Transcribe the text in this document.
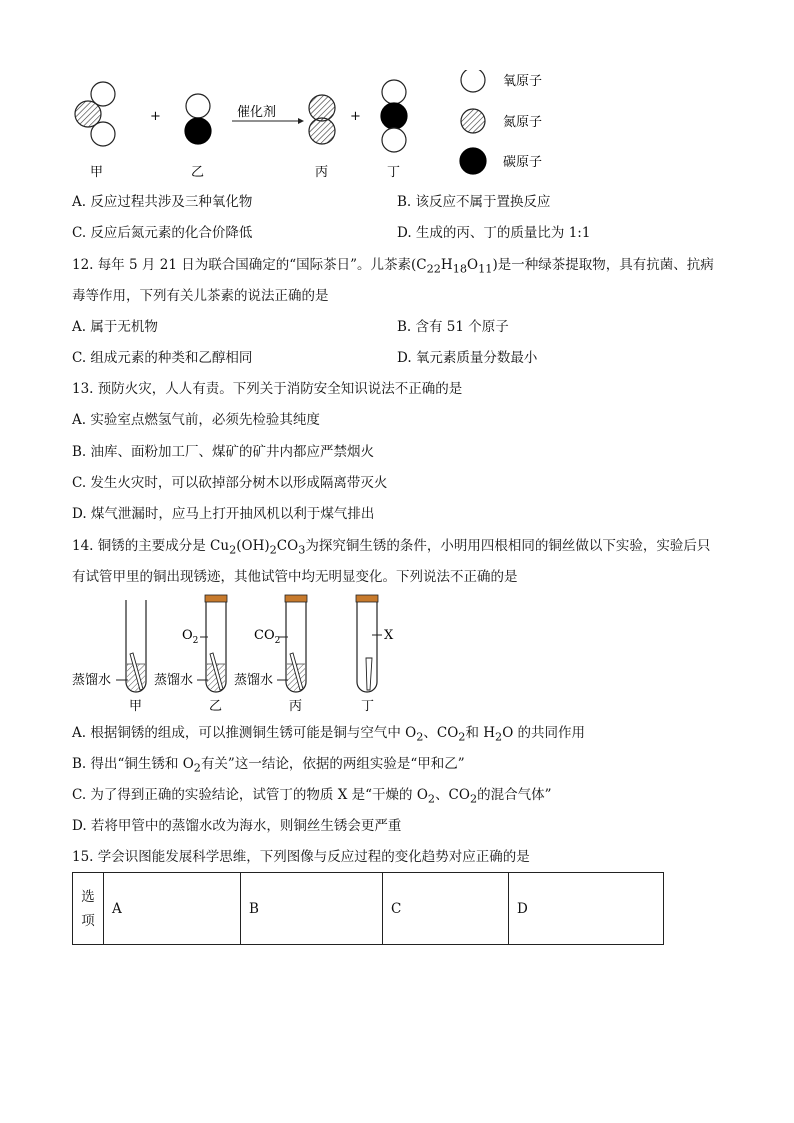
+	催化剂	+
甲	乙	丙	丁
氧原子
氮原子
碳原子
A. 反应过程共涉及三种氧化物	B. 该反应不属于置换反应
C. 反应后氮元素的化合价降低	D. 生成的丙、丁的质量比为 1:1
12. 每年 5 月 21 日为联合国确定的“国际茶日”。儿茶素$(C_{22}H_{18}O_{11})$是一种绿茶提取物，具有抗菌、抗病
毒等作用，下列有关儿茶素的说法正确的是
A. 属于无机物	B. 含有 51 个原子
C. 组成元素的种类和乙醇相同	D. 氧元素质量分数最小
13. 预防火灾，人人有责。下列关于消防安全知识说法不正确的是
A. 实验室点燃氢气前，必须先检验其纯度
B. 油库、面粉加工厂、煤矿的矿井内都应严禁烟火
C. 发生火灾时，可以砍掉部分树木以形成隔离带灭火
D. 煤气泄漏时，应马上打开抽风机以利于煤气排出
14. 铜锈的主要成分是 $Cu_2(OH)_2CO_3$为探究铜生锈的条件，小明用四根相同的铜丝做以下实验，实验后只
有试管甲里的铜出现锈迹，其他试管中均无明显变化。下列说法不正确的是
蒸馏水
甲
$O_2$
蒸馏水
乙
$CO_2$
蒸馏水
丙
X
丁
A. 根据铜锈的组成，可以推测铜生锈可能是铜与空气中 $O_2$、$CO_2$和 $H_2O$ 的共同作用
B. 得出“铜生锈和 $O_2$有关”这一结论，依据的两组实验是“甲和乙”
C. 为了得到正确的实验结论，试管丁的物质 X 是“干燥的 $O_2$、$CO_2$的混合气体”
D. 若将甲管中的蒸馏水改为海水，则铜丝生锈会更严重
15. 学会识图能发展科学思维，下列图像与反应过程的变化趋势对应正确的是
选
项	A	B	C	D
